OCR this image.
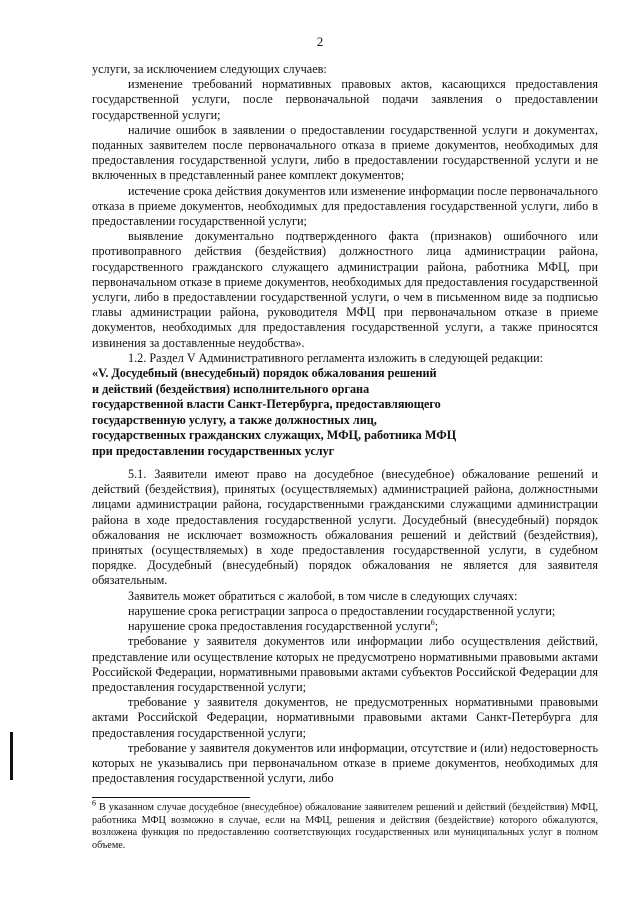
2

услуги, за исключением следующих случаев:

изменение требований нормативных правовых актов, касающихся предоставления государственной услуги, после первоначальной подачи заявления о предоставлении государственной услуги;

наличие ошибок в заявлении о предоставлении государственной услуги и документах, поданных заявителем после первоначального отказа в приеме документов, необходимых для предоставления государственной услуги, либо в предоставлении государственной услуги и не включенных в представленный ранее комплект документов;

истечение срока действия документов или изменение информации после первоначального отказа в приеме документов, необходимых для предоставления государственной услуги, либо в предоставлении государственной услуги;

выявление документально подтвержденного факта (признаков) ошибочного или противоправного действия (бездействия) должностного лица администрации района, государственного гражданского служащего администрации района, работника МФЦ, при первоначальном отказе в приеме документов, необходимых для предоставления государственной услуги, либо в предоставлении государственной услуги, о чем в письменном виде за подписью главы администрации района, руководителя МФЦ при первоначальном отказе в приеме документов, необходимых для предоставления государственной услуги, а также приносятся извинения за доставленные неудобства».

1.2. Раздел V Административного регламента изложить в следующей редакции:

«V. Досудебный (внесудебный) порядок обжалования решений

и действий (бездействия) исполнительного органа

государственной власти Санкт-Петербурга, предоставляющего

государственную услугу, а также должностных лиц,

государственных гражданских служащих, МФЦ, работника МФЦ

при предоставлении государственных услуг

5.1. Заявители имеют право на досудебное (внесудебное) обжалование решений и действий (бездействия), принятых (осуществляемых) администрацией района, должностными лицами администрации района, государственными гражданскими служащими администрации района в ходе предоставления государственной услуги. Досудебный (внесудебный) порядок обжалования не исключает возможность обжалования решений и действий (бездействия), принятых (осуществляемых) в ходе предоставления государственной услуги, в судебном порядке. Досудебный (внесудебный) порядок обжалования не является для заявителя обязательным.

Заявитель может обратиться с жалобой, в том числе в следующих случаях:

нарушение срока регистрации запроса о предоставлении государственной услуги;

нарушение срока предоставления государственной услуги$^6$;

требование у заявителя документов или информации либо осуществления действий, представление или осуществление которых не предусмотрено нормативными правовыми актами Российской Федерации, нормативными правовыми актами субъектов Российской Федерации для предоставления государственной услуги;

требование у заявителя документов, не предусмотренных нормативными правовыми актами Российской Федерации, нормативными правовыми актами Санкт-Петербурга для предоставления государственной услуги;

требование у заявителя документов или информации, отсутствие и (или) недостоверность которых не указывались при первоначальном отказе в приеме документов, необходимых для предоставления государственной услуги, либо

$^6$ В указанном случае досудебное (внесудебное) обжалование заявителем решений и действий (бездействия) МФЦ, работника МФЦ возможно в случае, если на МФЦ, решения и действия (бездействие) которого обжалуются, возложена функция по предоставлению соответствующих государственных или муниципальных услуг в полном объеме.
